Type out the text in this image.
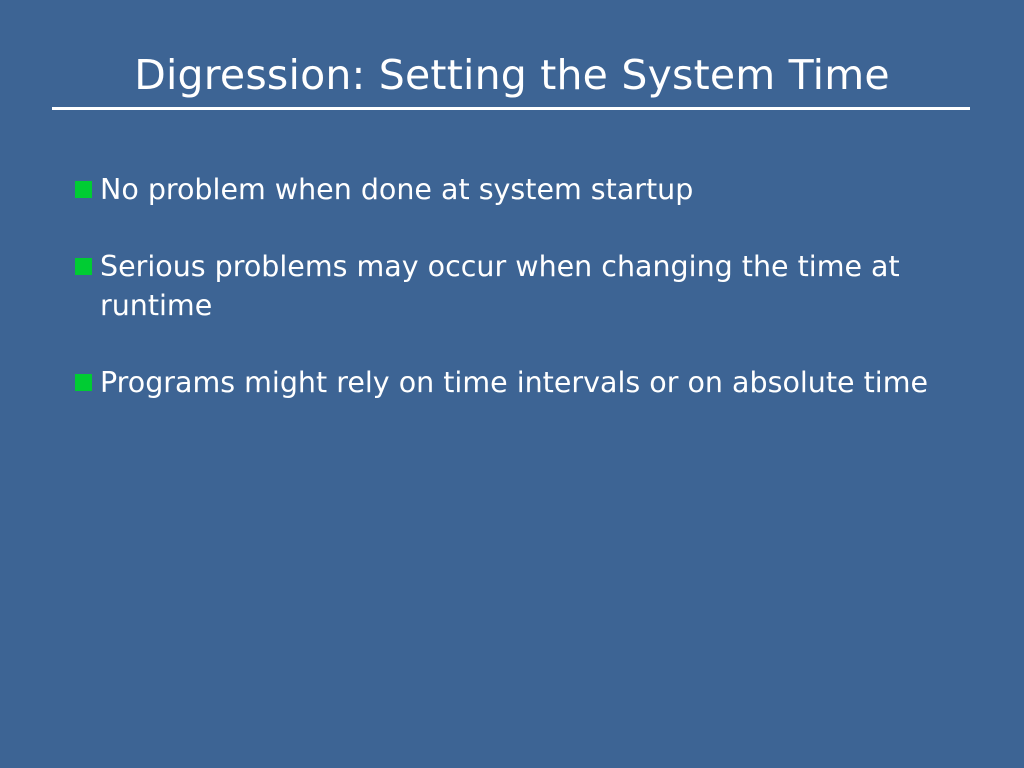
Digression: Setting the System Time
No problem when done at system startup
Serious problems may occur when changing the time at runtime
Programs might rely on time intervals or on absolute time
